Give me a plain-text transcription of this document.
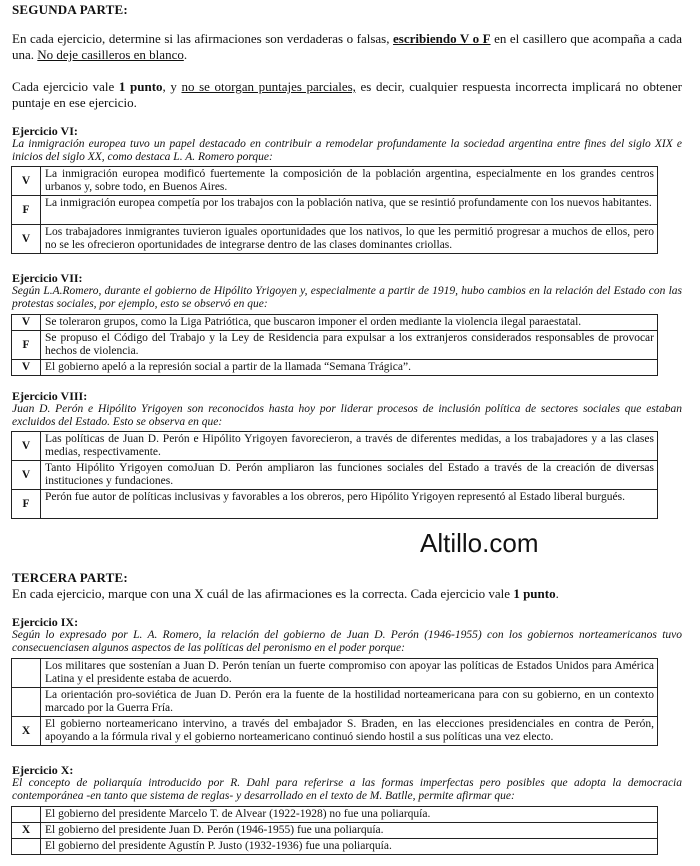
SEGUNDA PARTE:
En cada ejercicio, determine si las afirmaciones son verdaderas o falsas, escribiendo V o F en el casillero que acompaña a cada una. No deje casilleros en blanco.
Cada ejercicio vale 1 punto, y no se otorgan puntajes parciales, es decir, cualquier respuesta incorrecta implicará no obtener puntaje en ese ejercicio.
Ejercicio VI:
La inmigración europea tuvo un papel destacado en contribuir a remodelar profundamente la sociedad argentina entre fines del siglo XIX e inicios del siglo XX, como destaca L. A. Romero porque:
V	La inmigración europea modificó fuertemente la composición de la población argentina, especialmente en los grandes centros urbanos y, sobre todo, en Buenos Aires.
F	La inmigración europea competía por los trabajos con la población nativa, que se resintió profundamente con los nuevos habitantes.
V	Los trabajadores inmigrantes tuvieron iguales oportunidades que los nativos, lo que les permitió progresar a muchos de ellos, pero no se les ofrecieron oportunidades de integrarse dentro de las clases dominantes criollas.
Ejercicio VII:
Según L.A.Romero, durante el gobierno de Hipólito Yrigoyen y, especialmente a partir de 1919, hubo cambios en la relación del Estado con las protestas sociales, por ejemplo, esto se observó en que:
V	Se toleraron grupos, como la Liga Patriótica, que buscaron imponer el orden mediante la violencia ilegal paraestatal.
F	Se propuso el Código del Trabajo y la Ley de Residencia para expulsar a los extranjeros considerados responsables de provocar hechos de violencia.
V	El gobierno apeló a la represión social a partir de la llamada “Semana Trágica”.
Ejercicio VIII:
Juan D. Perón e Hipólito Yrigoyen son reconocidos hasta hoy por liderar procesos de inclusión política de sectores sociales que estaban excluidos del Estado. Esto se observa en que:
V	Las políticas de Juan D. Perón e Hipólito Yrigoyen favorecieron, a través de diferentes medidas, a los trabajadores y a las clases medias, respectivamente.
V	Tanto Hipólito Yrigoyen comoJuan D. Perón ampliaron las funciones sociales del Estado a través de la creación de diversas instituciones y fundaciones.
F	Perón fue autor de políticas inclusivas y favorables a los obreros, pero Hipólito Yrigoyen representó al Estado liberal burgués.
Altillo.com
TERCERA PARTE:
En cada ejercicio, marque con una X cuál de las afirmaciones es la correcta. Cada ejercicio vale 1 punto.
Ejercicio IX:
Según lo expresado por L. A. Romero, la relación del gobierno de Juan D. Perón (1946-1955) con los gobiernos norteamericanos tuvo consecuenciasen algunos aspectos de las políticas del peronismo en el poder porque:
	Los militares que sostenían a Juan D. Perón tenían un fuerte compromiso con apoyar las políticas de Estados Unidos para América Latina y el presidente estaba de acuerdo.
	La orientación pro-soviética de Juan D. Perón era la fuente de la hostilidad norteamericana para con su gobierno, en un contexto marcado por la Guerra Fría.
X	El gobierno norteamericano intervino, a través del embajador S. Braden, en las elecciones presidenciales en contra de Perón, apoyando a la fórmula rival y el gobierno norteamericano continuó siendo hostil a sus políticas una vez electo.
Ejercicio X:
El concepto de poliarquía introducido por R. Dahl para referirse a las formas imperfectas pero posibles que adopta la democracia contemporánea -en tanto que sistema de reglas- y desarrollado en el texto de M. Batlle, permite afirmar que:
	El gobierno del presidente Marcelo T. de Alvear (1922-1928) no fue una poliarquía.
X	El gobierno del presidente Juan D. Perón (1946-1955) fue una poliarquía.
	El gobierno del presidente Agustín P. Justo (1932-1936) fue una poliarquía.
